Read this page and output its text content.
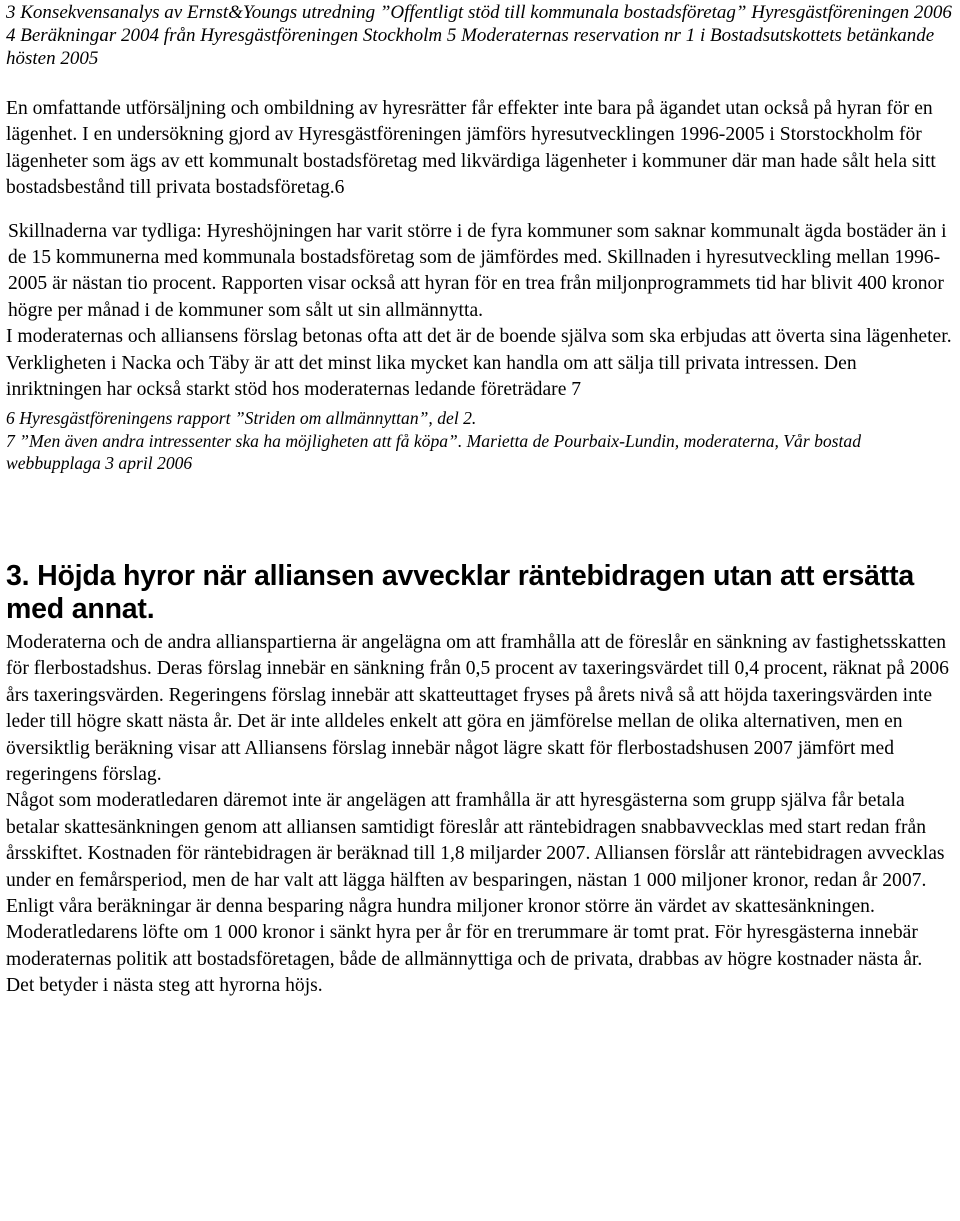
3 Konsekvensanalys av Ernst&Youngs utredning ”Offentligt stöd till kommunala bostadsföretag” Hyresgästföreningen 2006 4 Beräkningar 2004 från Hyresgästföreningen Stockholm 5 Moderaternas reservation nr 1 i Bostadsutskottets betänkande hösten 2005

En omfattande utförsäljning och ombildning av hyresrätter får effekter inte bara på ägandet utan också på hyran för en lägenhet. I en undersökning gjord av Hyresgästföreningen jämförs hyresutvecklingen 1996-2005 i Storstockholm för lägenheter som ägs av ett kommunalt bostadsföretag med likvärdiga lägenheter i kommuner där man hade sålt hela sitt bostadsbestånd till privata bostadsföretag.6

Skillnaderna var tydliga: Hyreshöjningen har varit större i de fyra kommuner som saknar kommunalt ägda bostäder än i de 15 kommunerna med kommunala bostadsföretag som de jämfördes med. Skillnaden i hyresutveckling mellan 1996- 2005 är nästan tio procent. Rapporten visar också att hyran för en trea från miljonprogrammets tid har blivit 400 kronor högre per månad i de kommuner som sålt ut sin allmännytta.
I moderaternas och alliansens förslag betonas ofta att det är de boende själva som ska erbjudas att överta sina lägenheter. Verkligheten i Nacka och Täby är att det minst lika mycket kan handla om att sälja till privata intressen. Den inriktningen har också starkt stöd hos moderaternas ledande företrädare 7

6 Hyresgästföreningens rapport ”Striden om allmännyttan”, del 2.

7 ”Men även andra intressenter ska ha möjligheten att få köpa”. Marietta de Pourbaix-Lundin, moderaterna, Vår bostad webbupplaga 3 april 2006

3. Höjda hyror när alliansen avvecklar räntebidragen utan att ersätta med annat.

Moderaterna och de andra allianspartierna är angelägna om att framhålla att de föreslår en sänkning av fastighetsskatten för flerbostadshus. Deras förslag innebär en sänkning från 0,5 procent av taxeringsvärdet till 0,4 procent, räknat på 2006 års taxeringsvärden. Regeringens förslag innebär att skatteuttaget fryses på årets nivå så att höjda taxeringsvärden inte leder till högre skatt nästa år. Det är inte alldeles enkelt att göra en jämförelse mellan de olika alternativen, men en översiktlig beräkning visar att Alliansens förslag innebär något lägre skatt för flerbostadshusen 2007 jämfört med regeringens förslag.

Något som moderatledaren däremot inte är angelägen att framhålla är att hyresgästerna som grupp själva får betala betalar skattesänkningen genom att alliansen samtidigt föreslår att räntebidragen snabbavvecklas med start redan från årsskiftet. Kostnaden för räntebidragen är beräknad till 1,8 miljarder 2007. Alliansen förslår att räntebidragen avvecklas under en femårsperiod, men de har valt att lägga hälften av besparingen, nästan 1 000 miljoner kronor, redan år 2007. Enligt våra beräkningar är denna besparing några hundra miljoner kronor större än värdet av skattesänkningen. Moderatledarens löfte om 1 000 kronor i sänkt hyra per år för en trerummare är tomt prat. För hyresgästerna innebär moderaternas politik att bostadsföretagen, både de allmännyttiga och de privata, drabbas av högre kostnader nästa år. Det betyder i nästa steg att hyrorna höjs.
